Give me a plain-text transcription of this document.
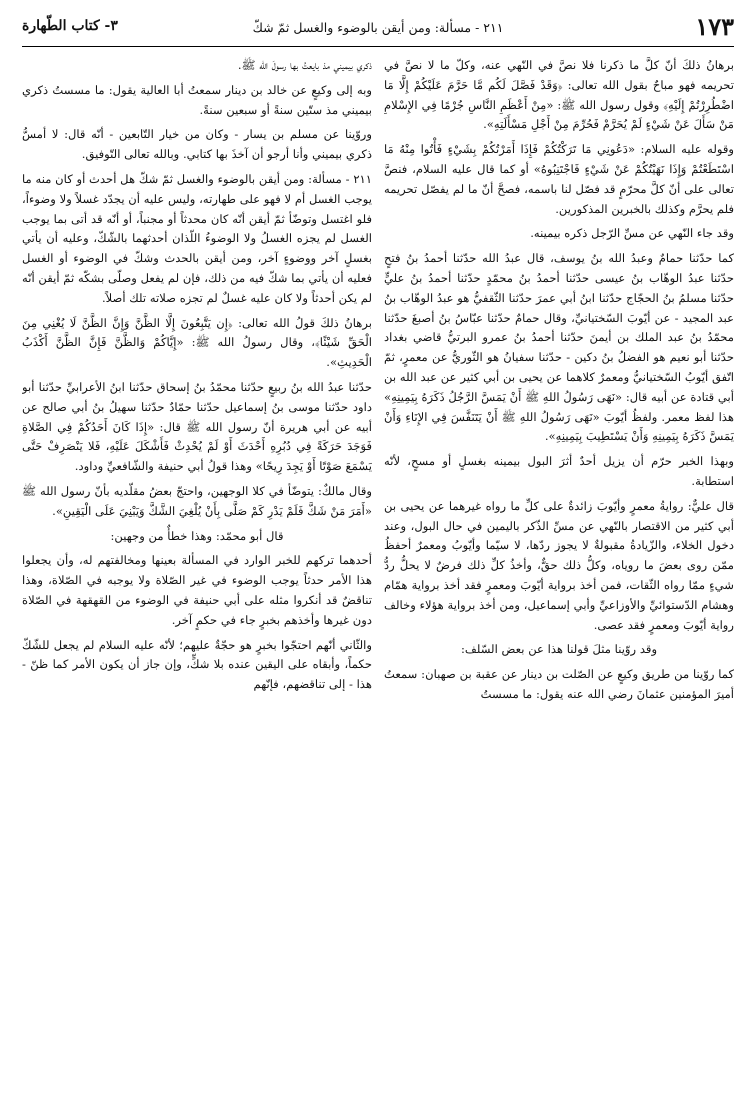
١٧٣
٢١١ - مسألة: ومن أيقن بالوضوء والغسل ثمّ شكّ
٣- كتاب الطّهارة

برهانُ ذلكَ أنّ كلَّ ما ذكرنا فلا نصَّ في النّهي عنه، وكلّ ما لا نصَّ في تحريمه فهو مباحٌ بقول الله تعالى: ﴿وَقَدْ فَصَّلَ لَكُم مَّا حَرَّمَ عَلَيْكُمْ إِلَّا مَا اضْطُرِرْتُمْ إِلَيْهِ﴾ وقول رسول الله ﷺ: «مِنْ أَعْظَمِ النَّاسِ جُرْمًا فِي الإِسْلامِ مَنْ سَأَلَ عَنْ شَيْءٍ لَمْ يُحَرَّمْ فَحُرِّمَ مِنْ أَجْلِ مَسْأَلَتِهِ».

وقوله عليه السلام: «دَعُونِي مَا تَرَكْتُكُمْ فَإِذَا أَمَرْتُكُمْ بِشَيْءٍ فَأْتُوا مِنْهُ مَا اسْتَطَعْتُمْ وَإِذَا نَهَيْتُكُمْ عَنْ شَيْءٍ فَاجْتَنِبُوهُ» أو كما قال عليه السلام، فنصَّ تعالى على أنّ كلَّ محرّمٍ قد فصّل لنا باسمه، فصحَّ أنّ ما لم يفصّل تحريمه فلم يحرَّم وكذلك بالخبرين المذكورين.

وقد جاء النّهي عن مسِّ الرّجل ذكره بيمينه.

كما حدّثنا حمامٌ وعبدُ الله بنُ يوسف، قال عبدُ الله حدّثنا أحمدُ بنُ فتحٍ حدّثنا عبدُ الوهّاب بنُ عيسى حدّثنا أحمدُ بنُ محمّدٍ حدّثنا أحمدُ بنُ عليٍّ حدّثنا مسلمُ بنُ الحجّاج حدّثنا ابنُ أبي عمرَ حدّثنا الثّقفيُّ هو عبدُ الوهّاب بنُ عبد المجيد - عن أيّوبَ السّختيانيِّ، وقال حمامٌ حدّثنا عبّاسُ بنُ أصبغَ حدّثنا محمّدُ بنُ عبد الملك بن أيمنَ حدّثنا أحمدُ بنُ عمرو البرتيُّ قاضي بغداد حدّثنا أبو نعيم هو الفضلُ بنُ دكين - حدّثنا سفيانُ هو الثّوريُّ عن معمرٍ، ثمّ اتّفق أيّوبُ السّختيانيُّ ومعمرٌ كلاهما عن يحيى بن أبي كثير عن عبد الله بن أبي قتادة عن أبيه قال: «نَهَى رَسُولُ اللهِ ﷺ أَنْ يَمَسَّ الرَّجُلُ ذَكَرَهُ بِيَمِينِهِ» هذا لفظ معمر. ولفظُ أيّوبَ «نَهَى رَسُولُ اللهِ ﷺ أَنْ يَتَنَفَّسَ فِي الإِنَاءِ وَأَنْ يَمَسَّ ذَكَرَهُ بِيَمِينِهِ وَأَنْ يَسْتَطِيبَ بِيَمِينِهِ».

وبهذا الخبر حرّم أن يزيل أحدٌ أثرَ البول بيمينه بغسلٍ أو مسحٍ، لأنّه استطابة.

قال عليٌّ: روايةُ معمرٍ وأيّوبَ زائدةٌ على كلِّ ما رواه غيرهما عن يحيى بن أبي كثير من الاقتصار بالنّهي عن مسِّ الذّكر باليمين في حال البول، وعند دخول الخلاء، والزّيادةُ مقبولةٌ لا يجوز ردّها، لا سيّما وأيّوبُ ومعمرٌ أحفظُ ممّن روى بعضَ ما روياه، وكلُّ ذلك حقٌّ، وأخذُ كلِّ ذلك فرضٌ لا يحلُّ ردُّ شيءٍ ممّا رواه الثّقات، فمن أخذ برواية أيّوبَ ومعمرٍ فقد أخذ برواية همّام وهشام الدّستوائيِّ والأوزاعيِّ وأبي إسماعيل، ومن أخذ برواية هؤلاء وخالف رواية أيّوبَ ومعمرٍ فقد عصى.

وقد روّينا مثلَ قولنا هذا عن بعض السّلف:

كما روّينا من طريق وكيعٍ عن الصّلت بن دينار عن عقبة بن صهبان: سمعتُ أميرَ المؤمنين عثمانَ رضي الله عنه يقول: ما مسستُ

ذكري بيميني مذ بايعتُ بها رسولَ الله ﷺ.

وبه إلى وكيعٍ عن خالد بن دينار سمعتُ أبا العالية يقول: ما مسستُ ذكري بيميني مذ ستّين سنةً أو سبعين سنةً.

وروّينا عن مسلم بن يسار - وكان من خيار التّابعين - أنّه قال: لا أمسُّ ذكري بيميني وأنا أرجو أن آخذَ بها كتابي. وبالله تعالى التّوفيق.

٢١١ - مسألة: ومن أيقن بالوضوء والغسل ثمّ شكّ هل أحدث أو كان منه ما يوجب الغسل أم لا فهو على طهارته، وليس عليه أن يجدّد غسلاً ولا وضوءاً، فلو اغتسل وتوضّأ ثمّ أيقن أنّه كان محدثاً أو مجنباً، أو أنّه قد أتى بما يوجب الغسل لم يجزه الغسلُ ولا الوضوءُ اللّذان أحدثهما بالشّكّ، وعليه أن يأتي بغسلٍ آخر ووضوءٍ آخر، ومن أيقن بالحدث وشكّ في الوضوء أو الغسل فعليه أن يأتي بما شكّ فيه من ذلك، فإن لم يفعل وصلّى بشكّه ثمّ أيقن أنّه لم يكن أحدثاً ولا كان عليه غسلٌ لم تجزه صلاته تلك أصلاً.

برهانُ ذلكَ قولُ الله تعالى: ﴿إِن يَتَّبِعُونَ إِلَّا الظَّنَّ وَإِنَّ الظَّنَّ لَا يُغْنِي مِنَ الْحَقِّ شَيْئًا﴾، وقال رسولُ الله ﷺ: «إِيَّاكُمْ وَالظَّنَّ فَإِنَّ الظَّنَّ أَكْذَبُ الْحَدِيثِ».

حدّثنا عبدُ الله بنُ ربيعٍ حدّثنا محمّدُ بنُ إسحاق حدّثنا ابنُ الأعرابيِّ حدّثنا أبو داود حدّثنا موسى بنُ إسماعيل حدّثنا حمّادٌ حدّثنا سهيلُ بنُ أبي صالح عن أبيه عن أبي هريرة أنّ رسول الله ﷺ قال: «إِذَا كَانَ أَحَدُكُمْ فِي الصَّلاةِ فَوَجَدَ حَرَكَةً فِي دُبُرِهِ أَحْدَثَ أَوْ لَمْ يُحْدِثْ فَأَشْكَلَ عَلَيْهِ، فَلا يَنْصَرِفْ حَتَّى يَسْمَعَ صَوْتًا أَوْ يَجِدَ رِيحًا» وهذا قولُ أبي حنيفة والشّافعيِّ وداود.

وقال مالكٌ: يتوضّأ في كلا الوجهين، واحتجّ بعضُ مقلّديه بأنّ رسول الله ﷺ «أَمَرَ مَنْ شَكَّ فَلَمْ يَدْرِ كَمْ صَلَّى بِأَنْ يُلْغِيَ الشَّكَّ وَيَبْنِيَ عَلَى الْيَقِينِ».

قال أبو محمّد: وهذا خطأٌ من وجهين:

أحدهما تركهم للخبر الوارد في المسألة بعينها ومخالفتهم له، وأن يجعلوا هذا الأمر حدثاً يوجب الوضوء في غير الصّلاة ولا يوجبه في الصّلاة، وهذا تناقضٌ قد أنكروا مثله على أبي حنيفة في الوضوء من القهقهة في الصّلاة دون غيرها وأخذهم بخبرٍ جاء في حكمٍ آخر.

والثّاني أنّهم احتجّوا بخبرٍ هو حجّةٌ عليهم؛ لأنّه عليه السلام لم يجعل للشّكّ حكماً، وأبقاه على اليقين عنده بلا شكٍّ، وإن جاز أن يكون الأمر كما ظنّ - هذا - إلى تناقضهم، فإنّهم
